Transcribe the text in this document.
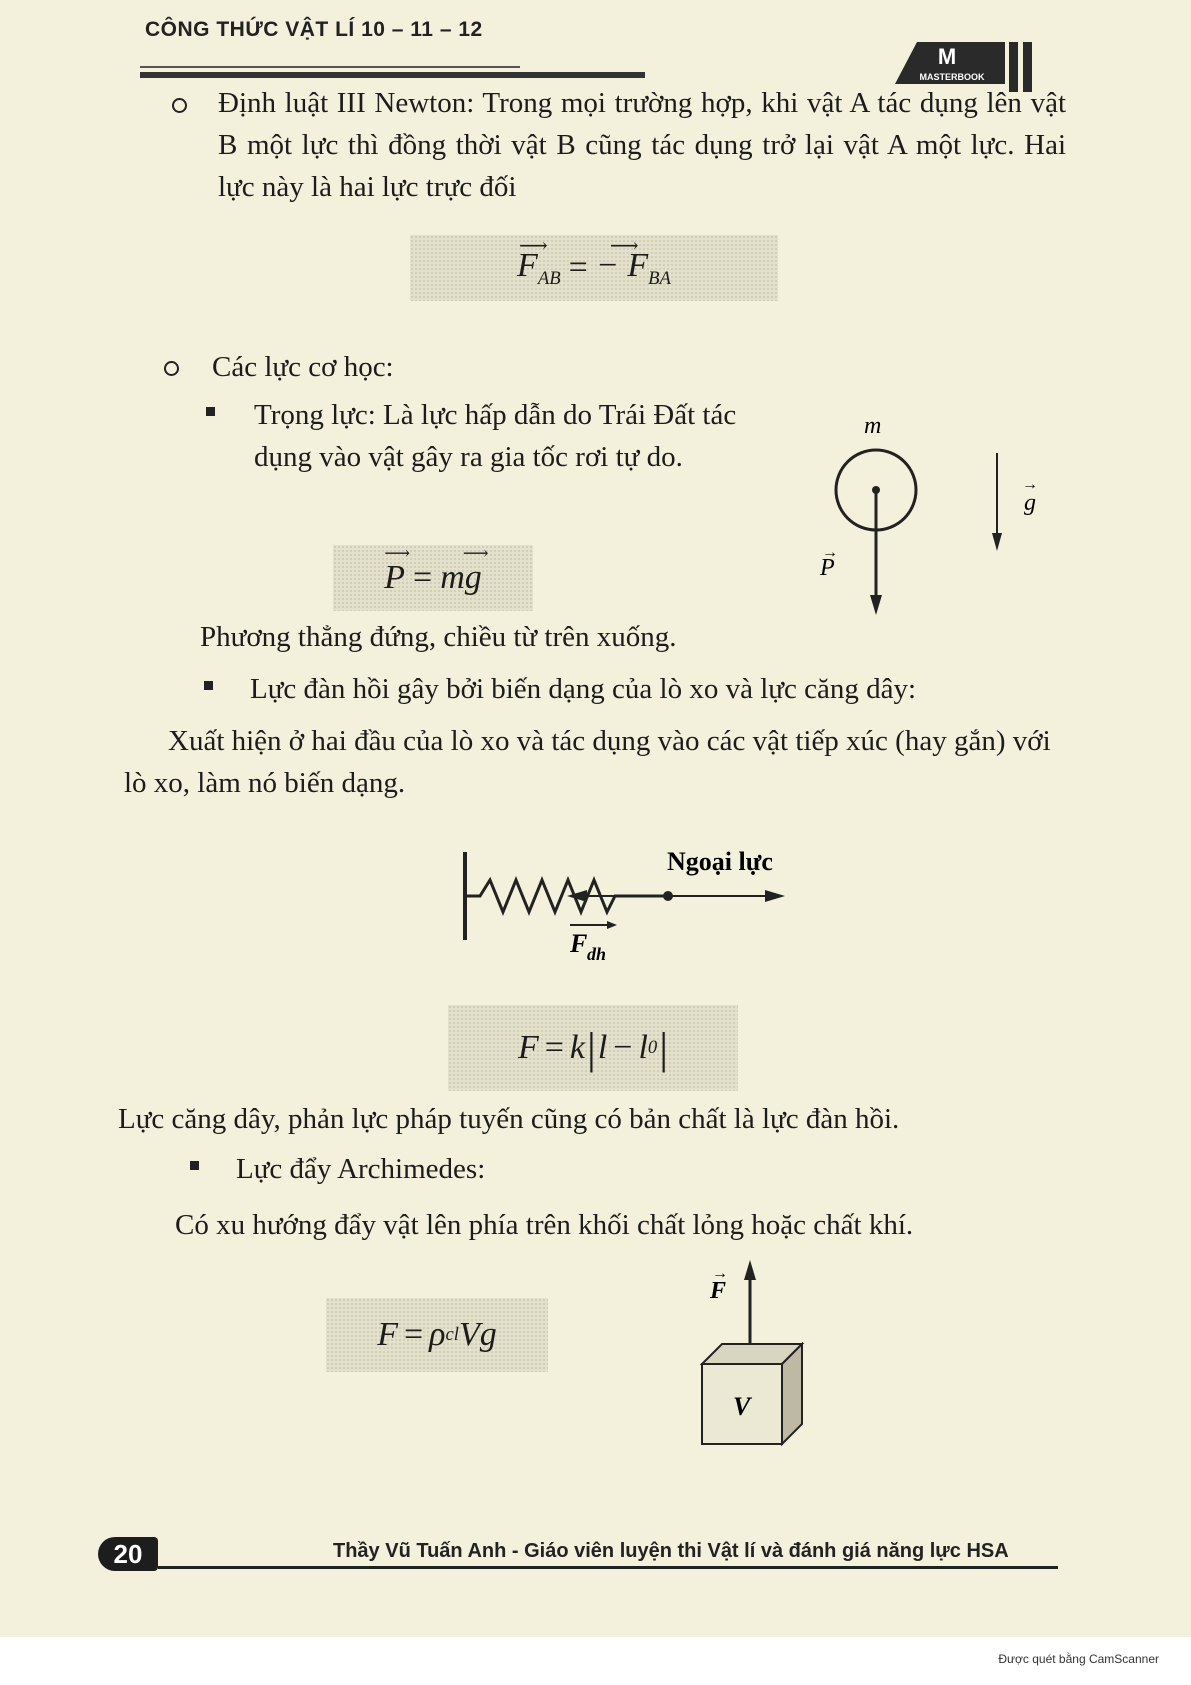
CÔNG THỨC VẬT LÍ 10 – 11 – 12
M
MASTERBOOK
Định luật III Newton: Trong mọi trường hợp, khi vật A tác dụng lên vật B một lực thì đồng thời vật B cũng tác dụng trở lại vật A một lực. Hai lực này là hai lực trực đối
⟶
$F_{AB}$ = −
⟶
$F_{BA}$
Các lực cơ học:
Trọng lực: Là lực hấp dẫn do Trái Đất tác dụng vào vật gây ra gia tốc rơi tự do.
⟶
P = m
⟶
g
m
P
→
g
→
Phương thẳng đứng, chiều từ trên xuống.
Lực đàn hồi gây bởi biến dạng của lò xo và lực căng dây:
Xuất hiện ở hai đầu của lò xo và tác dụng vào các vật tiếp xúc (hay gắn) với lò xo, làm nó biến dạng.
Ngoại lực
F dh
F = k | l − l 0 |
Lực căng dây, phản lực pháp tuyến cũng có bản chất là lực đàn hồi.
Lực đẩy Archimedes:
Có xu hướng đẩy vật lên phía trên khối chất lỏng hoặc chất khí.
F = ρ cl Vg
F
→
V
20	Thầy Vũ Tuấn Anh - Giáo viên luyện thi Vật lí và đánh giá năng lực HSA
Được quét bằng CamScanner
